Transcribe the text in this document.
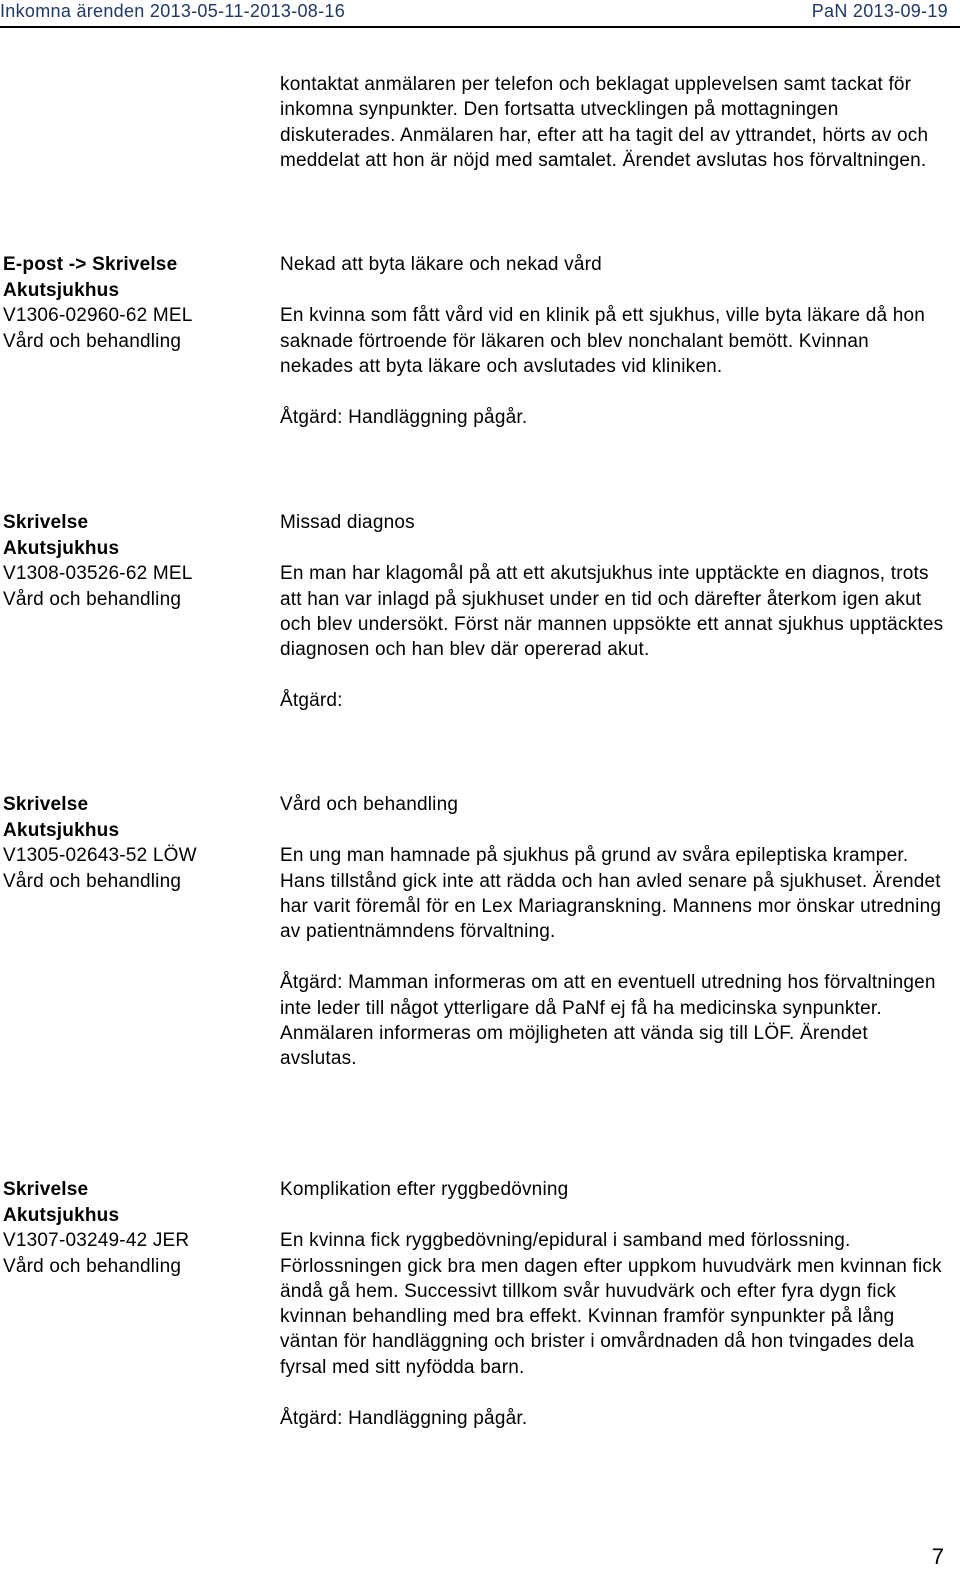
Inkomna ärenden 2013-05-11-2013-08-16	PaN 2013-09-19

kontaktat anmälaren per telefon och beklagat upplevelsen samt tackat för inkomna synpunkter. Den fortsatta utvecklingen på mottagningen diskuterades. Anmälaren har, efter att ha tagit del av yttrandet, hörts av och meddelat att hon är nöjd med samtalet. Ärendet avslutas hos förvaltningen.

E-post -> Skrivelse
Akutsjukhus
V1306-02960-62 MEL
Vård och behandling

Nekad att byta läkare och nekad vård

En kvinna som fått vård vid en klinik på ett sjukhus, ville byta läkare då hon saknade förtroende för läkaren och blev nonchalant bemött. Kvinnan nekades att byta läkare och avslutades vid kliniken.

Åtgärd: Handläggning pågår.

Skrivelse
Akutsjukhus
V1308-03526-62 MEL
Vård och behandling

Missad diagnos

En man har klagomål på att ett akutsjukhus inte upptäckte en diagnos, trots att han var inlagd på sjukhuset under en tid och därefter återkom igen akut och blev undersökt. Först när mannen uppsökte ett annat sjukhus upptäcktes diagnosen och han blev där opererad akut.

Åtgärd:

Skrivelse
Akutsjukhus
V1305-02643-52 LÖW
Vård och behandling

Vård och behandling

En ung man hamnade på sjukhus på grund av svåra epileptiska kramper. Hans tillstånd gick inte att rädda och han avled senare på sjukhuset. Ärendet har varit föremål för en Lex Mariagranskning. Mannens mor önskar utredning av patientnämndens förvaltning.

Åtgärd: Mamman informeras om att en eventuell utredning hos förvaltningen inte leder till något ytterligare då PaNf ej få ha medicinska synpunkter. Anmälaren informeras om möjligheten att vända sig till LÖF. Ärendet avslutas.

Skrivelse
Akutsjukhus
V1307-03249-42 JER
Vård och behandling

Komplikation efter ryggbedövning

En kvinna fick ryggbedövning/epidural i samband med förlossning. Förlossningen gick bra men dagen efter uppkom huvudvärk men kvinnan fick ändå gå hem. Successivt tillkom svår huvudvärk och efter fyra dygn fick kvinnan behandling med bra effekt. Kvinnan framför synpunkter på lång väntan för handläggning och brister i omvårdnaden då hon tvingades dela fyrsal med sitt nyfödda barn.

Åtgärd: Handläggning pågår.

7
